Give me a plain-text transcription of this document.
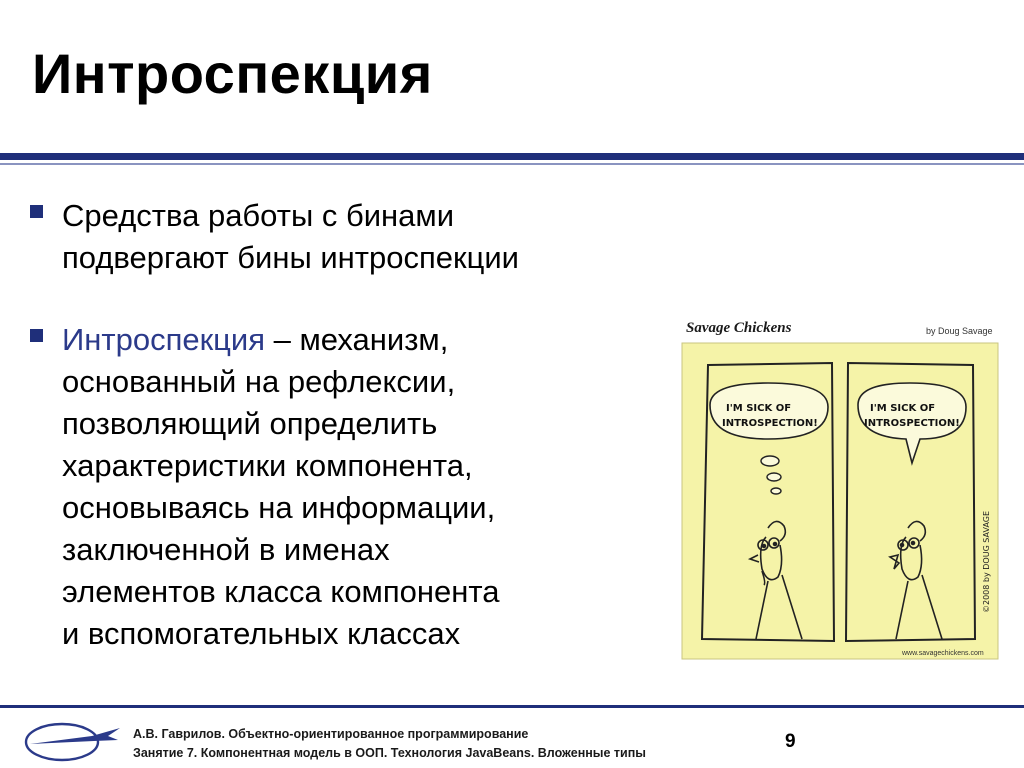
Интроспекция
Средства работы с бинами
подвергают бины интроспекции
Интроспекция – механизм,
основанный на рефлексии,
позволяющий определить
характеристики компонента,
основываясь на информации,
заключенной в именах
элементов класса компонента
и вспомогательных классах
Savage Chickens	by Doug Savage
I'M SICK OF
INTROSPECTION!
I'M SICK OF
INTROSPECTION!
©2008 by DOUG SAVAGE
www.savagechickens.com
А.В. Гаврилов. Объектно-ориентированное программирование
Занятие 7. Компонентная модель в ООП. Технология JavaBeans. Вложенные типы
9
